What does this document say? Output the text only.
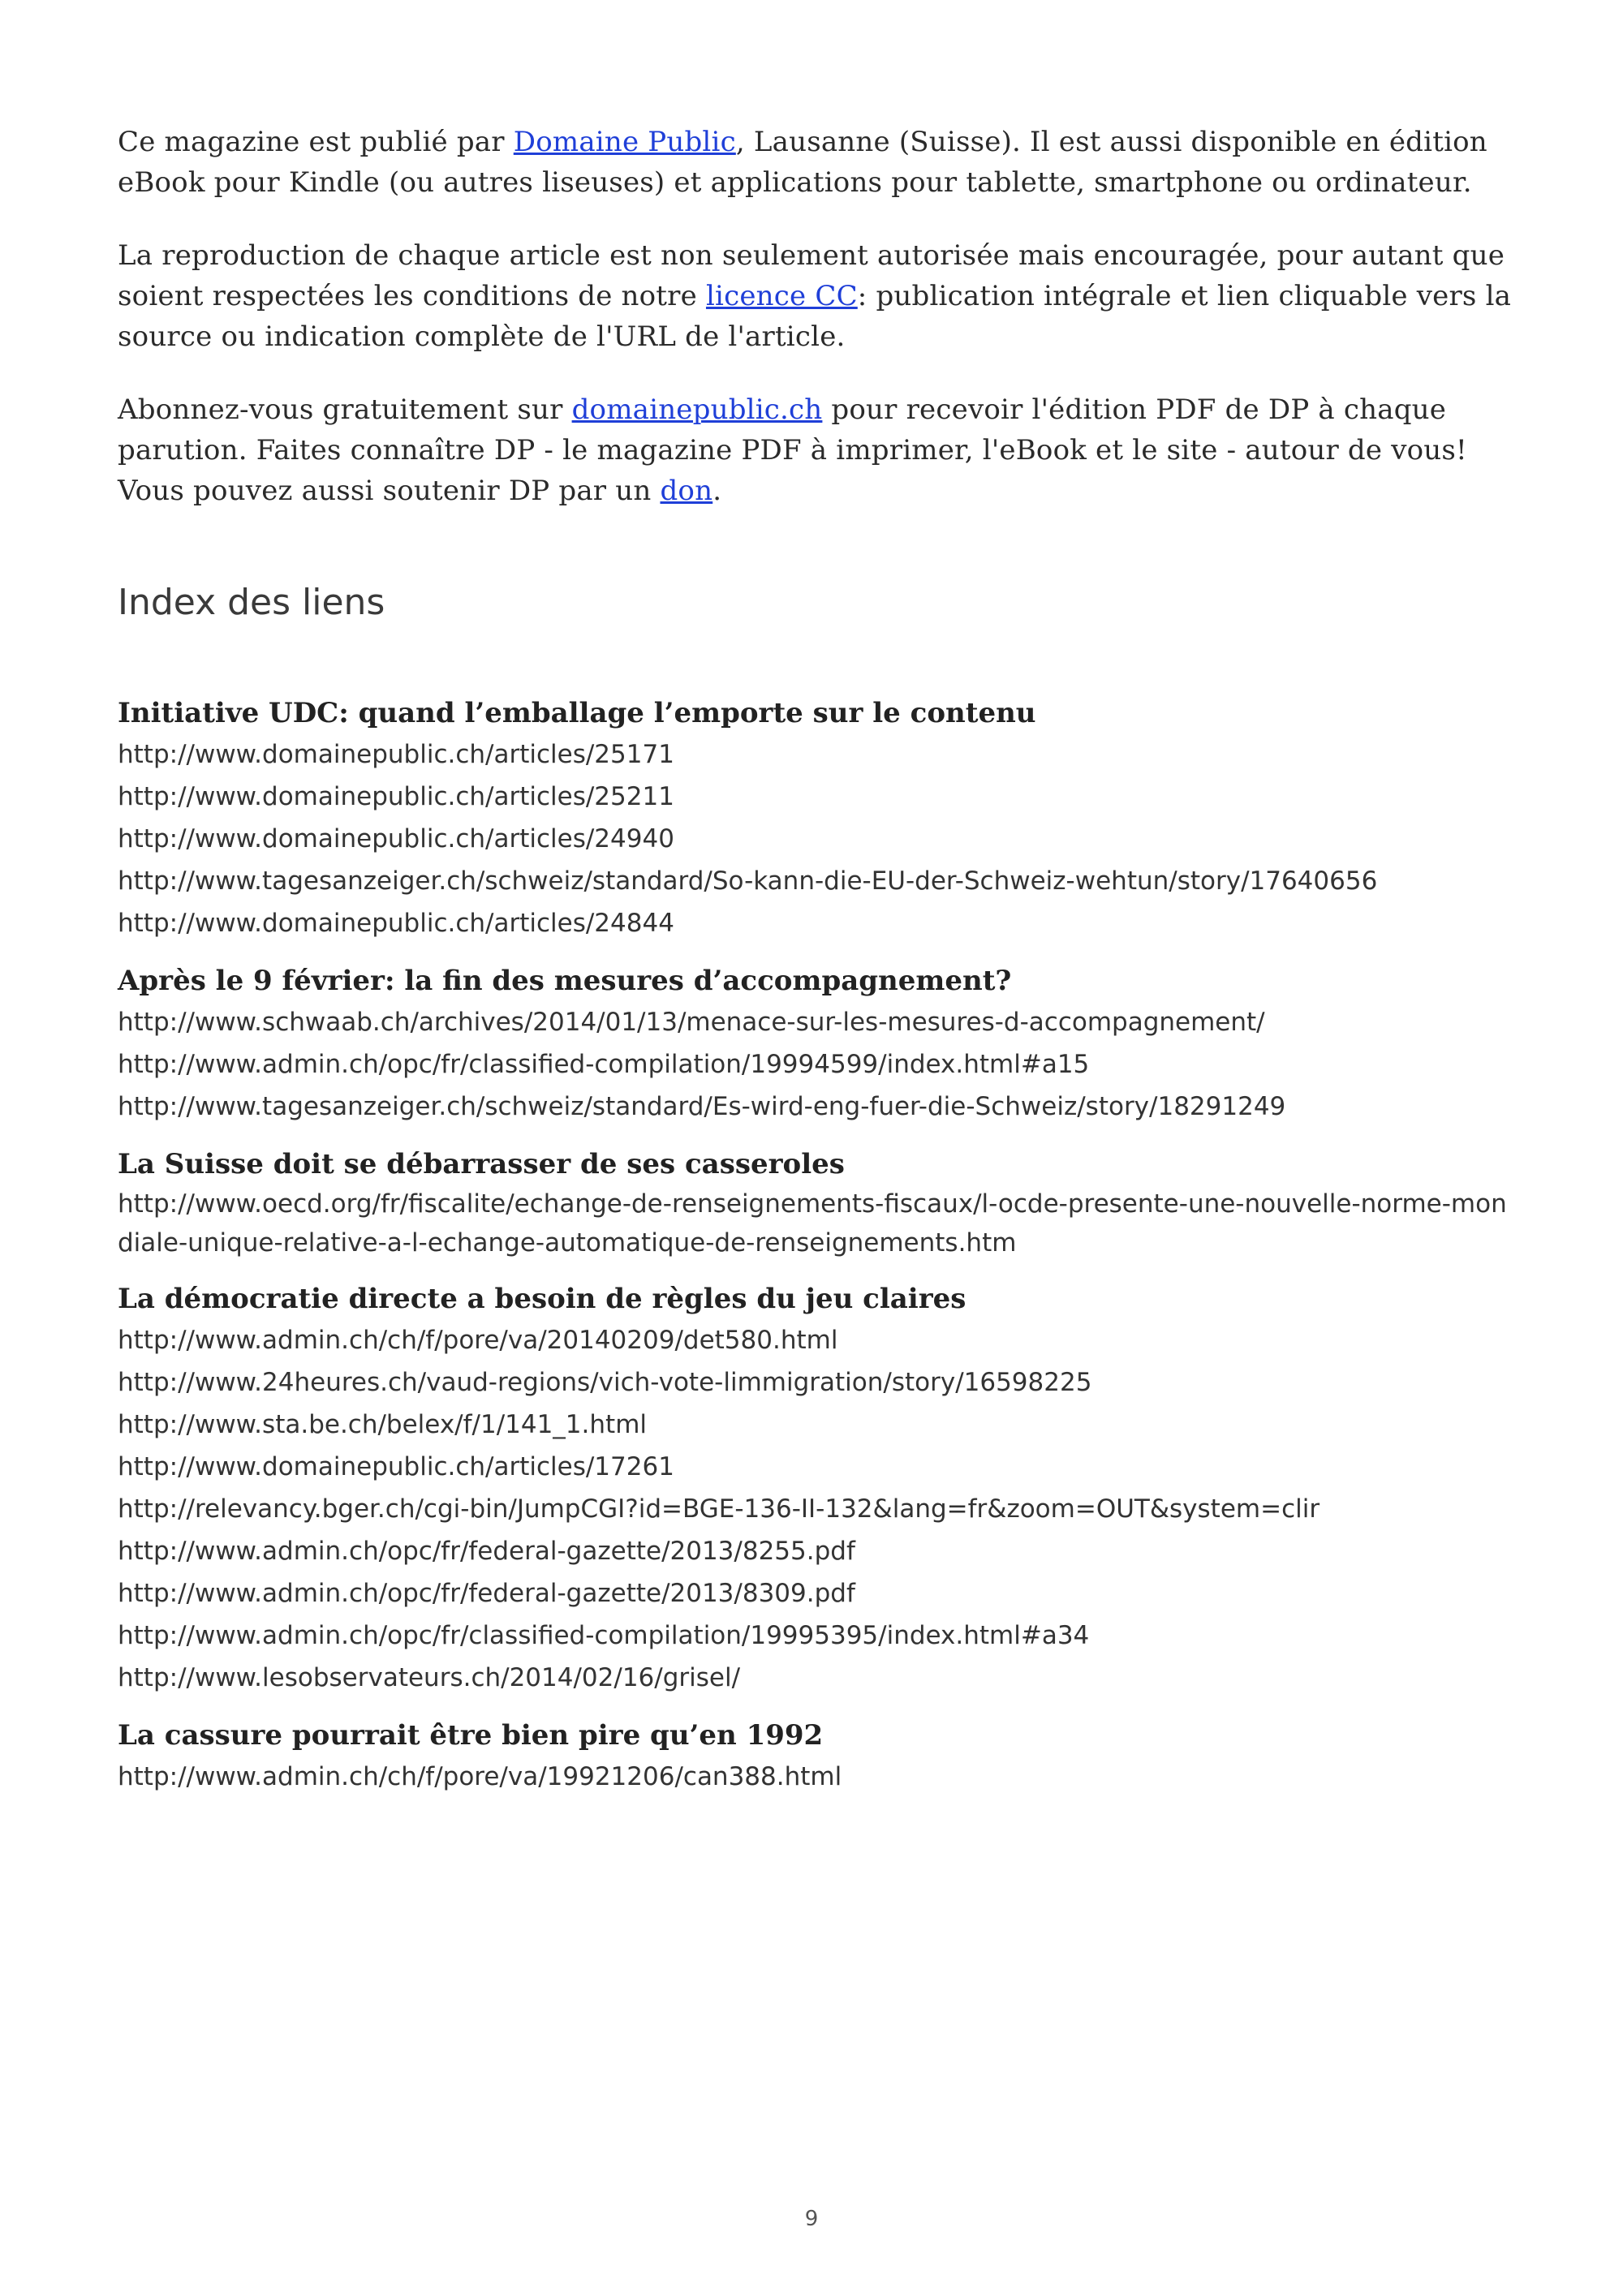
Ce magazine est publié par Domaine Public, Lausanne (Suisse). Il est aussi disponible en édition eBook pour Kindle (ou autres liseuses) et applications pour tablette, smartphone ou ordinateur.

La reproduction de chaque article est non seulement autorisée mais encouragée, pour autant que soient respectées les conditions de notre licence CC: publication intégrale et lien cliquable vers la source ou indication complète de l'URL de l'article.

Abonnez-vous gratuitement sur domainepublic.ch pour recevoir l'édition PDF de DP à chaque parution. Faites connaître DP - le magazine PDF à imprimer, l'eBook et le site - autour de vous! Vous pouvez aussi soutenir DP par un don.

Index des liens
Initiative UDC: quand l’emballage l’emporte sur le contenu
http://www.domainepublic.ch/articles/25171
http://www.domainepublic.ch/articles/25211
http://www.domainepublic.ch/articles/24940
http://www.tagesanzeiger.ch/schweiz/standard/So-kann-die-EU-der-Schweiz-wehtun/story/17640656
http://www.domainepublic.ch/articles/24844
Après le 9 février: la fin des mesures d’accompagnement?
http://www.schwaab.ch/archives/2014/01/13/menace-sur-les-mesures-d-accompagnement/
http://www.admin.ch/opc/fr/classified-compilation/19994599/index.html#a15
http://www.tagesanzeiger.ch/schweiz/standard/Es-wird-eng-fuer-die-Schweiz/story/18291249
La Suisse doit se débarrasser de ses casseroles
http://www.oecd.org/fr/fiscalite/echange-de-renseignements-fiscaux/l-ocde-presente-une-nouvelle-norme-mondiale-unique-relative-a-l-echange-automatique-de-renseignements.htm
La démocratie directe a besoin de règles du jeu claires
http://www.admin.ch/ch/f/pore/va/20140209/det580.html
http://www.24heures.ch/vaud-regions/vich-vote-limmigration/story/16598225
http://www.sta.be.ch/belex/f/1/141_1.html
http://www.domainepublic.ch/articles/17261
http://relevancy.bger.ch/cgi-bin/JumpCGI?id=BGE-136-II-132&lang=fr&zoom=OUT&system=clir
http://www.admin.ch/opc/fr/federal-gazette/2013/8255.pdf
http://www.admin.ch/opc/fr/federal-gazette/2013/8309.pdf
http://www.admin.ch/opc/fr/classified-compilation/19995395/index.html#a34
http://www.lesobservateurs.ch/2014/02/16/grisel/
La cassure pourrait être bien pire qu’en 1992
http://www.admin.ch/ch/f/pore/va/19921206/can388.html
9
